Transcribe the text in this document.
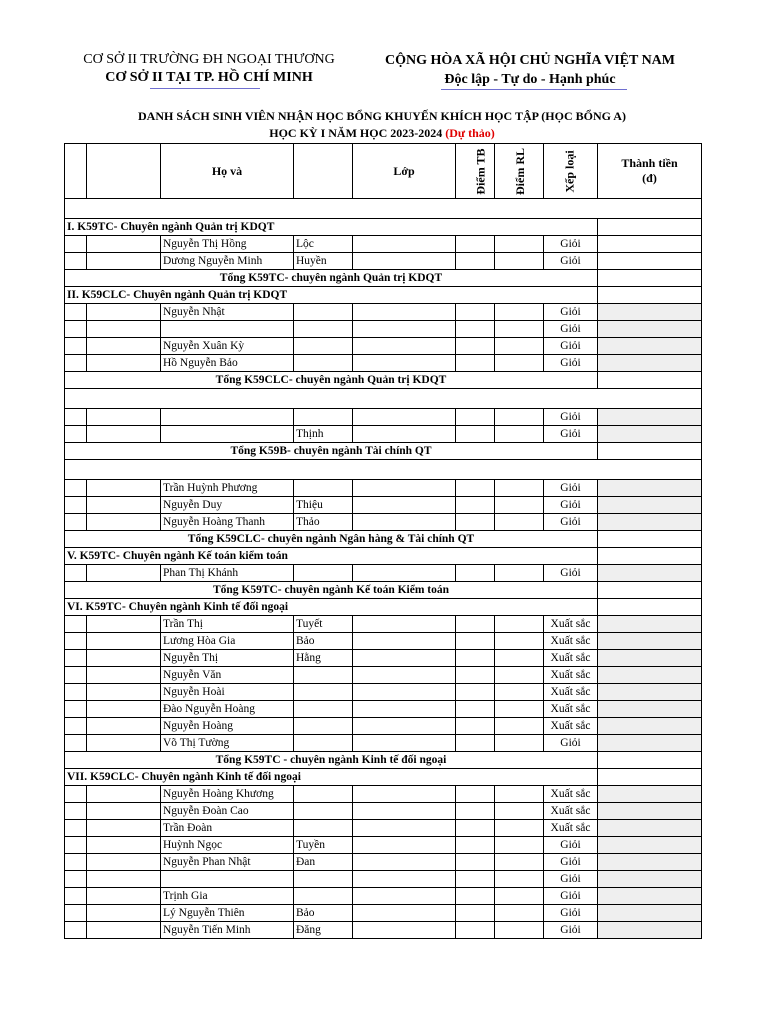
CƠ SỞ II TRƯỜNG ĐH NGOẠI THƯƠNG
CƠ SỞ II TẠI TP. HỒ CHÍ MINH
CỘNG HÒA XÃ HỘI CHỦ NGHĨA VIỆT NAM
Độc lập - Tự do - Hạnh phúc
DANH SÁCH SINH VIÊN NHẬN HỌC BỔNG KHUYẾN KHÍCH HỌC TẬP (HỌC BỔNG A)
HỌC KỲ I NĂM HỌC 2023-2024 (Dự thảo)
		Họ và		Lớp	Điểm TB	Điểm RL	Xếp loại	Thành tiền
(đ)

I. K59TC- Chuyên ngành Quản trị KDQT								
		Nguyễn Thị Hồng	Lộc				Giỏi	
		Dương Nguyễn Minh	Huyền				Giỏi	
Tổng K59TC- chuyên ngành Quản trị KDQT								
II. K59CLC- Chuyên ngành Quản trị KDQT								
		Nguyễn Nhật					Giỏi	
							Giỏi	
		Nguyễn Xuân Kỳ					Giỏi	
		Hồ Nguyễn Bảo					Giỏi	
Tổng K59CLC- chuyên ngành Quản trị KDQT								

							Giỏi	
			Thịnh				Giỏi	
Tổng K59B- chuyên ngành Tài chính QT								

		Trần Huỳnh Phương					Giỏi	
		Nguyễn Duy	Thiệu				Giỏi	
		Nguyễn Hoàng Thanh	Thảo				Giỏi	
Tổng K59CLC- chuyên ngành Ngân hàng & Tài chính QT								
V. K59TC- Chuyên ngành Kế toán kiểm toán								
		Phan Thị Khánh					Giỏi	
Tổng K59TC- chuyên ngành Kế toán Kiểm toán								
VI. K59TC- Chuyên ngành Kinh tế đối ngoại								
		Trần Thị	Tuyết				Xuất sắc	
		Lương Hòa Gia	Bảo				Xuất sắc	
		Nguyễn Thị	Hằng				Xuất sắc	
		Nguyễn Văn					Xuất sắc	
		Nguyễn Hoài					Xuất sắc	
		Đào Nguyễn Hoàng					Xuất sắc	
		Nguyễn Hoàng					Xuất sắc	
		Võ Thị Tường					Giỏi	
Tổng K59TC - chuyên ngành Kinh tế đối ngoại								
VII. K59CLC- Chuyên ngành Kinh tế đối ngoại								
		Nguyễn Hoàng Khương					Xuất sắc	
		Nguyễn Đoàn Cao					Xuất sắc	
		Trần Đoàn					Xuất sắc	
		Huỳnh Ngọc	Tuyền				Giỏi	
		Nguyễn Phan Nhật	Đan				Giỏi	
							Giỏi	
		Trịnh Gia					Giỏi	
		Lý Nguyễn Thiên	Bảo				Giỏi	
		Nguyễn Tiến Minh	Đăng				Giỏi	
